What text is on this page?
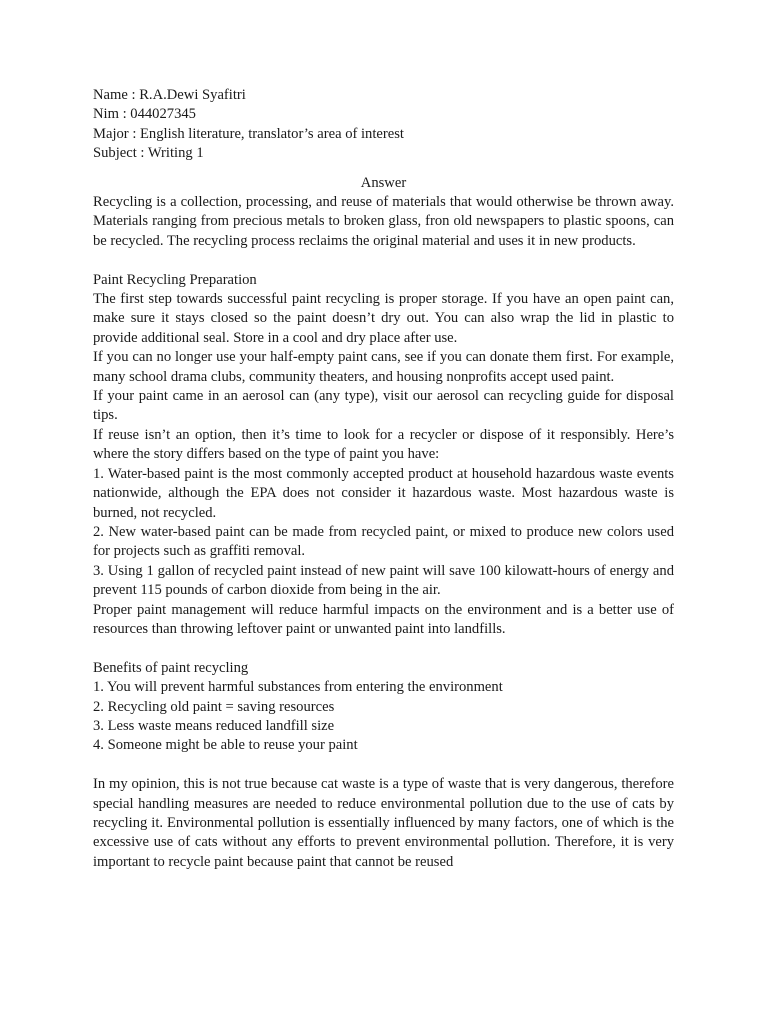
Name : R.A.Dewi Syafitri
Nim : 044027345
Major : English literature, translator’s area of interest
Subject : Writing 1
Answer

Recycling is a collection, processing, and reuse of materials that would otherwise be thrown away. Materials ranging from precious metals to broken glass, fron old newspapers to plastic spoons, can be recycled. The recycling process reclaims the original material and uses it in new products.

Paint Recycling Preparation

The first step towards successful paint recycling is proper storage. If you have an open paint can, make sure it stays closed so the paint doesn’t dry out. You can also wrap the lid in plastic to provide additional seal. Store in a cool and dry place after use.

If you can no longer use your half-empty paint cans, see if you can donate them first. For example, many school drama clubs, community theaters, and housing nonprofits accept used paint.

If your paint came in an aerosol can (any type), visit our aerosol can recycling guide for disposal tips.

If reuse isn’t an option, then it’s time to look for a recycler or dispose of it responsibly. Here’s where the story differs based on the type of paint you have:

1. Water-based paint is the most commonly accepted product at household hazardous waste events nationwide, although the EPA does not consider it hazardous waste. Most hazardous waste is burned, not recycled.

2. New water-based paint can be made from recycled paint, or mixed to produce new colors used for projects such as graffiti removal.

3. Using 1 gallon of recycled paint instead of new paint will save 100 kilowatt-hours of energy and prevent 115 pounds of carbon dioxide from being in the air.

Proper paint management will reduce harmful impacts on the environment and is a better use of resources than throwing leftover paint or unwanted paint into landfills.

Benefits of paint recycling
1. You will prevent harmful substances from entering the environment
2. Recycling old paint = saving resources
3. Less waste means reduced landfill size
4. Someone might be able to reuse your paint

In my opinion, this is not true because cat waste is a type of waste that is very dangerous, therefore special handling measures are needed to reduce environmental pollution due to the use of cats by recycling it. Environmental pollution is essentially influenced by many factors, one of which is the excessive use of cats without any efforts to prevent environmental pollution. Therefore, it is very important to recycle paint because paint that cannot be reused
